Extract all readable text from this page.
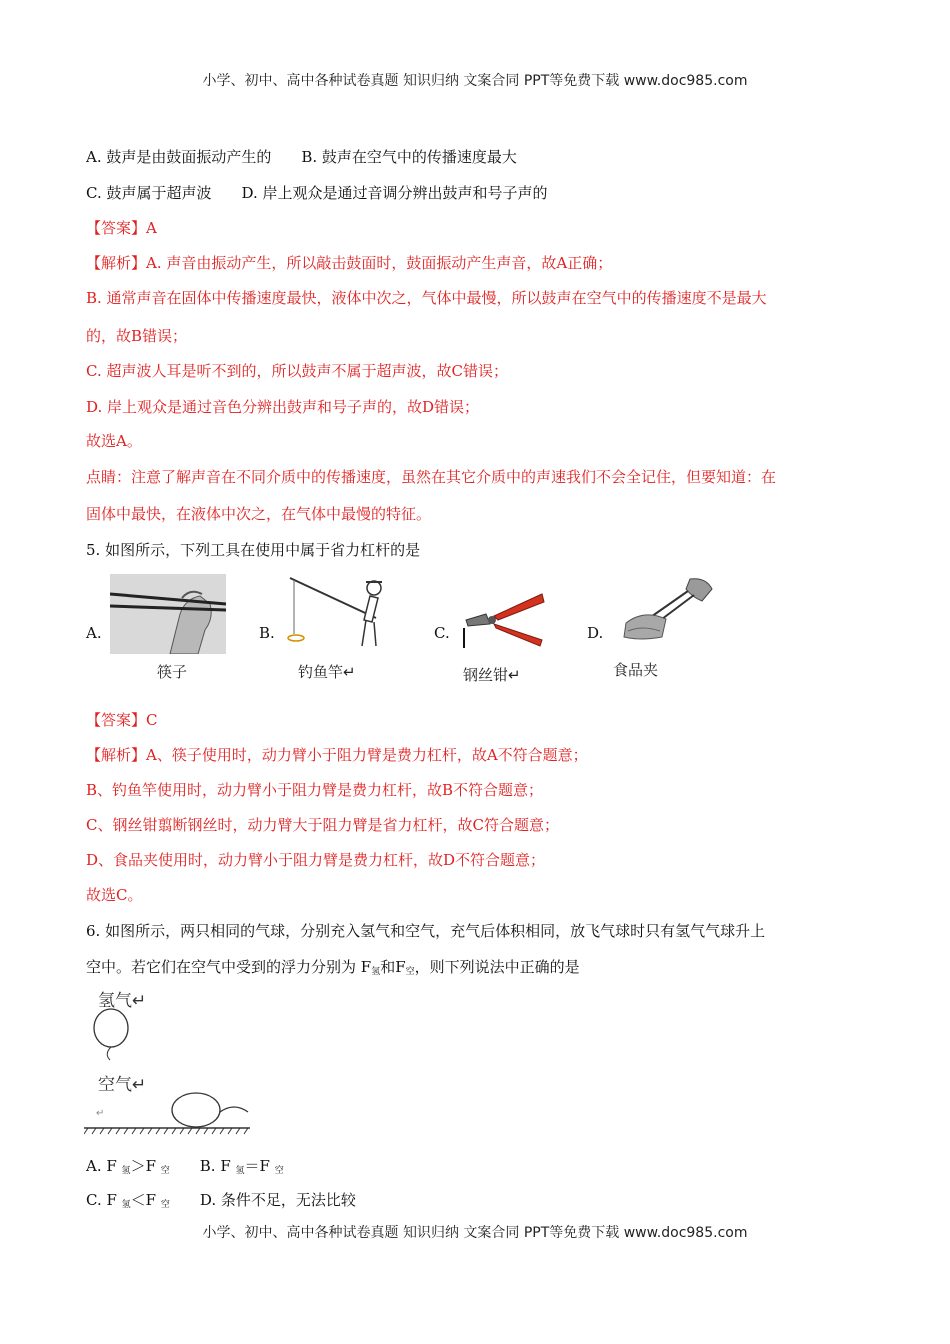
小学、初中、高中各种试卷真题 知识归纳 文案合同 PPT等免费下载 www.doc985.com
A. 鼓声是由鼓面振动产生的 B. 鼓声在空气中的传播速度最大
C. 鼓声属于超声波 D. 岸上观众是通过音调分辨出鼓声和号子声的
【答案】A
【解析】A. 声音由振动产生，所以敲击鼓面时，鼓面振动产生声音，故A正确；
B. 通常声音在固体中传播速度最快，液体中次之，气体中最慢，所以鼓声在空气中的传播速度不是最大
的，故B错误；
C. 超声波人耳是听不到的，所以鼓声不属于超声波，故C错误；
D. 岸上观众是通过音色分辨出鼓声和号子声的，故D错误；
故选A。
点睛：注意了解声音在不同介质中的传播速度，虽然在其它介质中的声速我们不会全记住，但要知道：在
固体中最快，在液体中次之，在气体中最慢的特征。
5. 如图所示，下列工具在使用中属于省力杠杆的是
A.
筷子
B.
钓鱼竿↵
C.
钢丝钳↵
D.
食品夹
【答案】C
【解析】A、筷子使用时，动力臂小于阻力臂是费力杠杆，故A不符合题意；
B、钓鱼竿使用时，动力臂小于阻力臂是费力杠杆，故B不符合题意；
C、钢丝钳翦断钢丝时，动力臂大于阻力臂是省力杠杆，故C符合题意；
D、食品夹使用时，动力臂小于阻力臂是费力杠杆，故D不符合题意；
故选C。
6. 如图所示，两只相同的气球，分别充入氢气和空气，充气后体积相同，放飞气球时只有氢气气球升上
空中。若它们在空气中受到的浮力分别为 $F_氢$和$F_空$，则下列说法中正确的是
氢气↵
空气↵
↵
A. F $_氢$＞F $_空$ B. F $_氢$＝F $_空$
C. F $_氢$＜F $_空$ D. 条件不足，无法比较
小学、初中、高中各种试卷真题 知识归纳 文案合同 PPT等免费下载 www.doc985.com
